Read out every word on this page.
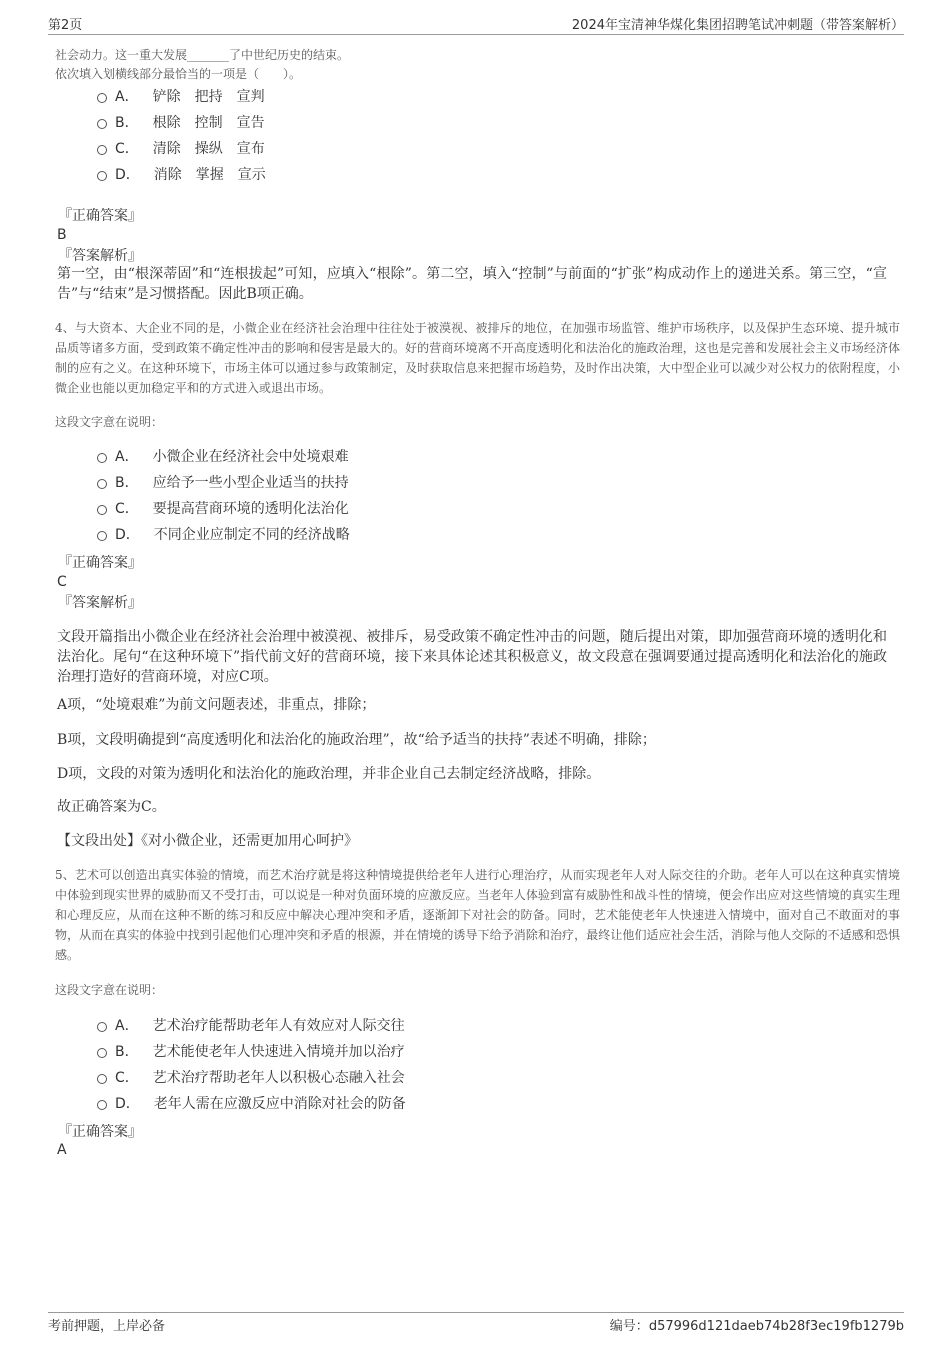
第2页	2024年宝清神华煤化集团招聘笔试冲刺题（带答案解析）
社会动力。这一重大发展_______了中世纪历史的结束。
依次填入划横线部分最恰当的一项是（　　）。
A． 铲除　把持　宣判
B． 根除　控制　宣告
C． 清除　操纵　宣布
D． 消除　掌握　宣示
『正确答案』
B
『答案解析』
第一空，由“根深蒂固”和“连根拔起”可知，应填入“根除”。第二空，填入“控制”与前面的“扩张”构成动作上的递进关系。第三空，“宣告”与“结束”是习惯搭配。因此B项正确。
4、与大资本、大企业不同的是，小微企业在经济社会治理中往往处于被漠视、被排斥的地位，在加强市场监管、维护市场秩序，以及保护生态环境、提升城市品质等诸多方面，受到政策不确定性冲击的影响和侵害是最大的。好的营商环境离不开高度透明化和法治化的施政治理，这也是完善和发展社会主义市场经济体制的应有之义。在这种环境下，市场主体可以通过参与政策制定，及时获取信息来把握市场趋势，及时作出决策，大中型企业可以减少对公权力的依附程度，小微企业也能以更加稳定平和的方式进入或退出市场。
这段文字意在说明：
A． 小微企业在经济社会中处境艰难
B． 应给予一些小型企业适当的扶持
C． 要提高营商环境的透明化法治化
D． 不同企业应制定不同的经济战略
『正确答案』
C
『答案解析』
文段开篇指出小微企业在经济社会治理中被漠视、被排斥，易受政策不确定性冲击的问题，随后提出对策，即加强营商环境的透明化和法治化。尾句“在这种环境下”指代前文好的营商环境，接下来具体论述其积极意义，故文段意在强调要通过提高透明化和法治化的施政治理打造好的营商环境，对应C项。
A项，“处境艰难”为前文问题表述，非重点，排除；
B项，文段明确提到“高度透明化和法治化的施政治理”，故“给予适当的扶持”表述不明确，排除；
D项，文段的对策为透明化和法治化的施政治理，并非企业自己去制定经济战略，排除。
故正确答案为C。
【文段出处】《对小微企业，还需更加用心呵护》
5、艺术可以创造出真实体验的情境，而艺术治疗就是将这种情境提供给老年人进行心理治疗，从而实现老年人对人际交往的介助。老年人可以在这种真实情境中体验到现实世界的威胁而又不受打击，可以说是一种对负面环境的应激反应。当老年人体验到富有威胁性和战斗性的情境，便会作出应对这些情境的真实生理和心理反应，从而在这种不断的练习和反应中解决心理冲突和矛盾，逐渐卸下对社会的防备。同时，艺术能使老年人快速进入情境中，面对自己不敢面对的事物，从而在真实的体验中找到引起他们心理冲突和矛盾的根源，并在情境的诱导下给予消除和治疗，最终让他们适应社会生活，消除与他人交际的不适感和恐惧感。
这段文字意在说明：
A． 艺术治疗能帮助老年人有效应对人际交往
B． 艺术能使老年人快速进入情境并加以治疗
C． 艺术治疗帮助老年人以积极心态融入社会
D． 老年人需在应激反应中消除对社会的防备
『正确答案』
A
考前押题，上岸必备	编号：d57996d121daeb74b28f3ec19fb1279b
